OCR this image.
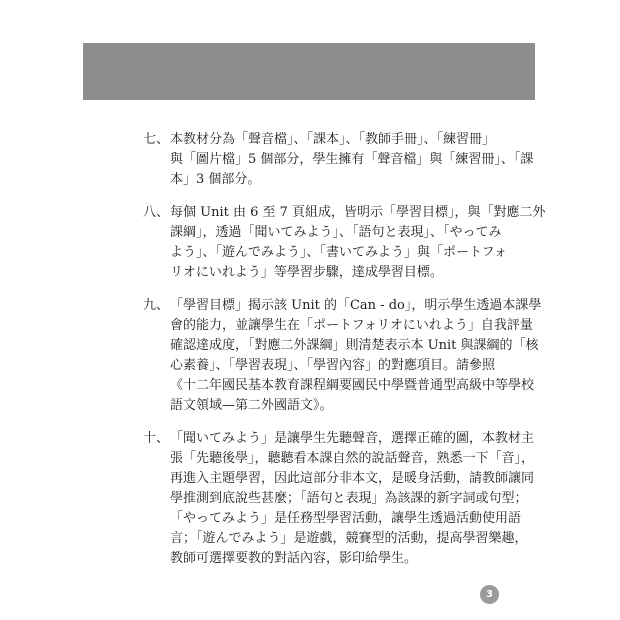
七、 本教材分為「聲音檔」、「課本」、「教師手冊」、「練習冊」
與「圖片檔」5 個部分，學生擁有「聲音檔」與「練習冊」、「課
本」3 個部分。
八、 每個 Unit 由 6 至 7 頁組成，皆明示「學習目標」，與「對應二外
課綱」，透過「聞いてみよう」、「語句と表現」、「やってみ
よう」、「遊んでみよう」、「書いてみよう」與「ポートフォ
リオにいれよう」等學習步驟，達成學習目標。
九、 「學習目標」揭示該 Unit 的「Can - do」，明示學生透過本課學
會的能力，並讓學生在「ポートフォリオにいれよう」自我評量
確認達成度，「對應二外課綱」則清楚表示本 Unit 與課綱的「核
心素養」、「學習表現」、「學習內容」的對應項目。請參照
《十二年國民基本教育課程綱要國民中學暨普通型高級中等學校
語文領域—第二外國語文》。
十、 「聞いてみよう」是讓學生先聽聲音，選擇正確的圖，本教材主
張「先聽後學」，聽聽看本課自然的說話聲音，熟悉一下「音」，
再進入主題學習，因此這部分非本文，是暖身活動，請教師讓同
學推測到底說些甚麼；「語句と表現」為該課的新字詞或句型；
「やってみよう」是任務型學習活動，讓學生透過活動使用語
言；「遊んでみよう」是遊戲，競賽型的活動，提高學習樂趣，
教師可選擇要教的對話內容，影印給學生。
3
